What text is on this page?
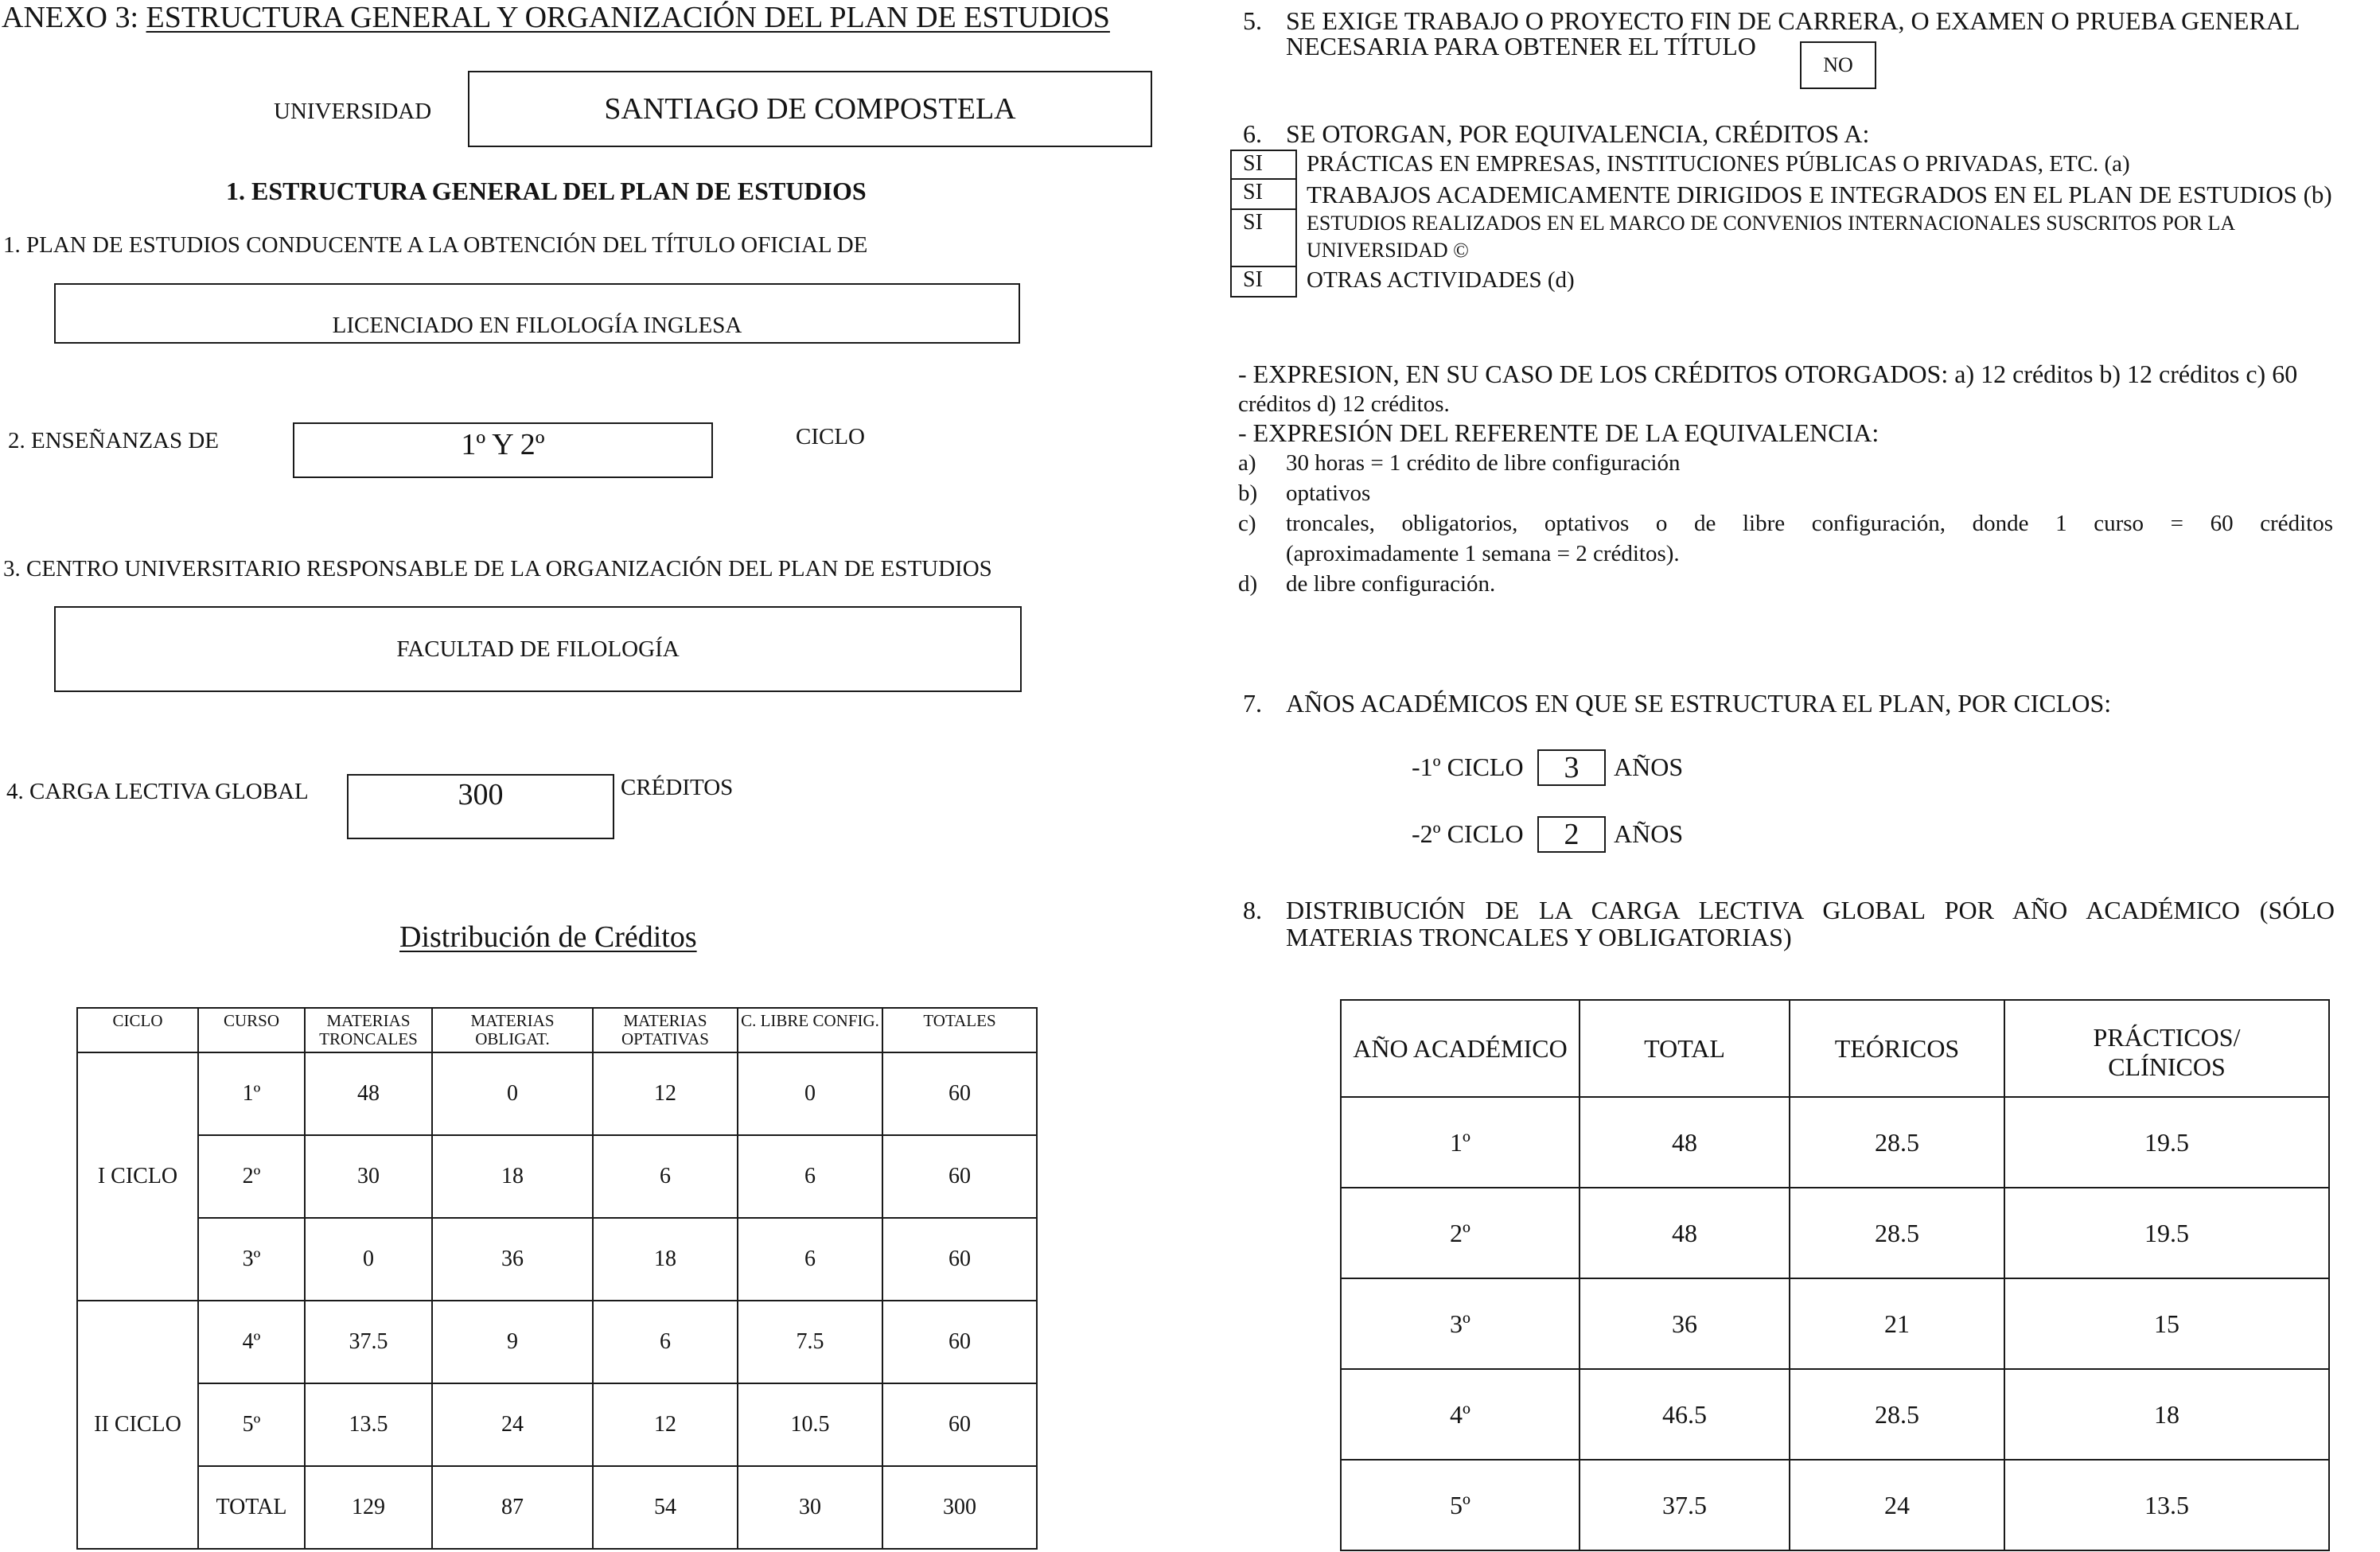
ANEXO 3: ESTRUCTURA GENERAL Y ORGANIZACIÓN DEL PLAN DE ESTUDIOS
UNIVERSIDAD	SANTIAGO DE COMPOSTELA
1. ESTRUCTURA GENERAL DEL PLAN DE ESTUDIOS
1. PLAN DE ESTUDIOS CONDUCENTE A LA OBTENCIÓN DEL TÍTULO OFICIAL DE
LICENCIADO EN FILOLOGÍA INGLESA
2. ENSEÑANZAS DE	1º Y 2º	CICLO
3. CENTRO UNIVERSITARIO RESPONSABLE DE LA ORGANIZACIÓN DEL PLAN DE ESTUDIOS
FACULTAD DE FILOLOGÍA
4. CARGA LECTIVA GLOBAL	300	CRÉDITOS
Distribución de Créditos
CICLO	CURSO	MATERIAS TRONCALES	MATERIAS OBLIGAT.	MATERIAS OPTATIVAS	C. LIBRE CONFIG.	TOTALES
I CICLO	1º	48	0	12	0	60
	2º	30	18	6	6	60
	3º	0	36	18	6	60
II CICLO	4º	37.5	9	6	7.5	60
	5º	13.5	24	12	10.5	60
	TOTAL	129	87	54	30	300
5. SE EXIGE TRABAJO O PROYECTO FIN DE CARRERA, O EXAMEN O PRUEBA GENERAL
NECESARIA PARA OBTENER EL TÍTULO
NO
6. SE OTORGAN, POR EQUIVALENCIA, CRÉDITOS A:
SI	PRÁCTICAS EN EMPRESAS, INSTITUCIONES PÚBLICAS O PRIVADAS, ETC. (a)
SI	TRABAJOS ACADEMICAMENTE DIRIGIDOS E INTEGRADOS EN EL PLAN DE ESTUDIOS (b)
SI	ESTUDIOS REALIZADOS EN EL MARCO DE CONVENIOS INTERNACIONALES SUSCRITOS POR LA
UNIVERSIDAD ©
SI	OTRAS ACTIVIDADES (d)
- EXPRESION, EN SU CASO DE LOS CRÉDITOS OTORGADOS: a) 12 créditos b) 12 créditos c) 60
créditos d) 12 créditos.
- EXPRESIÓN DEL REFERENTE DE LA EQUIVALENCIA:
a) 30 horas = 1 crédito de libre configuración
b) optativos
c) troncales, obligatorios, optativos o de libre configuración, donde 1 curso = 60 créditos
(aproximadamente 1 semana = 2 créditos).
d) de libre configuración.
7. AÑOS ACADÉMICOS EN QUE SE ESTRUCTURA EL PLAN, POR CICLOS:
-1º CICLO 3 AÑOS
-2º CICLO 2 AÑOS
8. DISTRIBUCIÓN DE LA CARGA LECTIVA GLOBAL POR AÑO ACADÉMICO (SÓLO
MATERIAS TRONCALES Y OBLIGATORIAS)
AÑO ACADÉMICO	TOTAL	TEÓRICOS	PRÁCTICOS/
CLÍNICOS

1º	48	28.5	19.5
2º	48	28.5	19.5
3º	36	21	15
4º	46.5	28.5	18
5º	37.5	24	13.5
